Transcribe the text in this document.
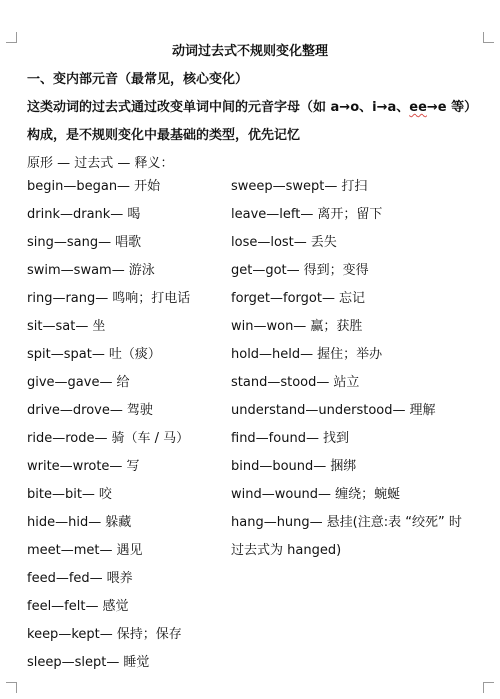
动词过去式不规则变化整理
一、变内部元音（最常见，核心变化）
这类动词的过去式通过改变单词中间的元音字母（如 a→o、i→a、ee→e 等）
构成，是不规则变化中最基础的类型，优先记忆
原形 — 过去式 — 释义：
begin—began— 开始
drink—drank— 喝
sing—sang— 唱歌
swim—swam— 游泳
ring—rang— 鸣响；打电话
sit—sat— 坐
spit—spat— 吐（痰）
give—gave— 给
drive—drove— 驾驶
ride—rode— 骑（车 / 马）
write—wrote— 写
bite—bit— 咬
hide—hid— 躲藏
meet—met— 遇见
feed—fed— 喂养
feel—felt— 感觉
keep—kept— 保持；保存
sleep—slept— 睡觉
sweep—swept— 打扫
leave—left— 离开；留下
lose—lost— 丢失
get—got— 得到；变得
forget—forgot— 忘记
win—won— 赢；获胜
hold—held— 握住；举办
stand—stood— 站立
understand—understood— 理解
find—found— 找到
bind—bound— 捆绑
wind—wound— 缠绕；蜿蜒
hang—hung— 悬挂(注意:表 “绞死” 时
过去式为 hanged)
